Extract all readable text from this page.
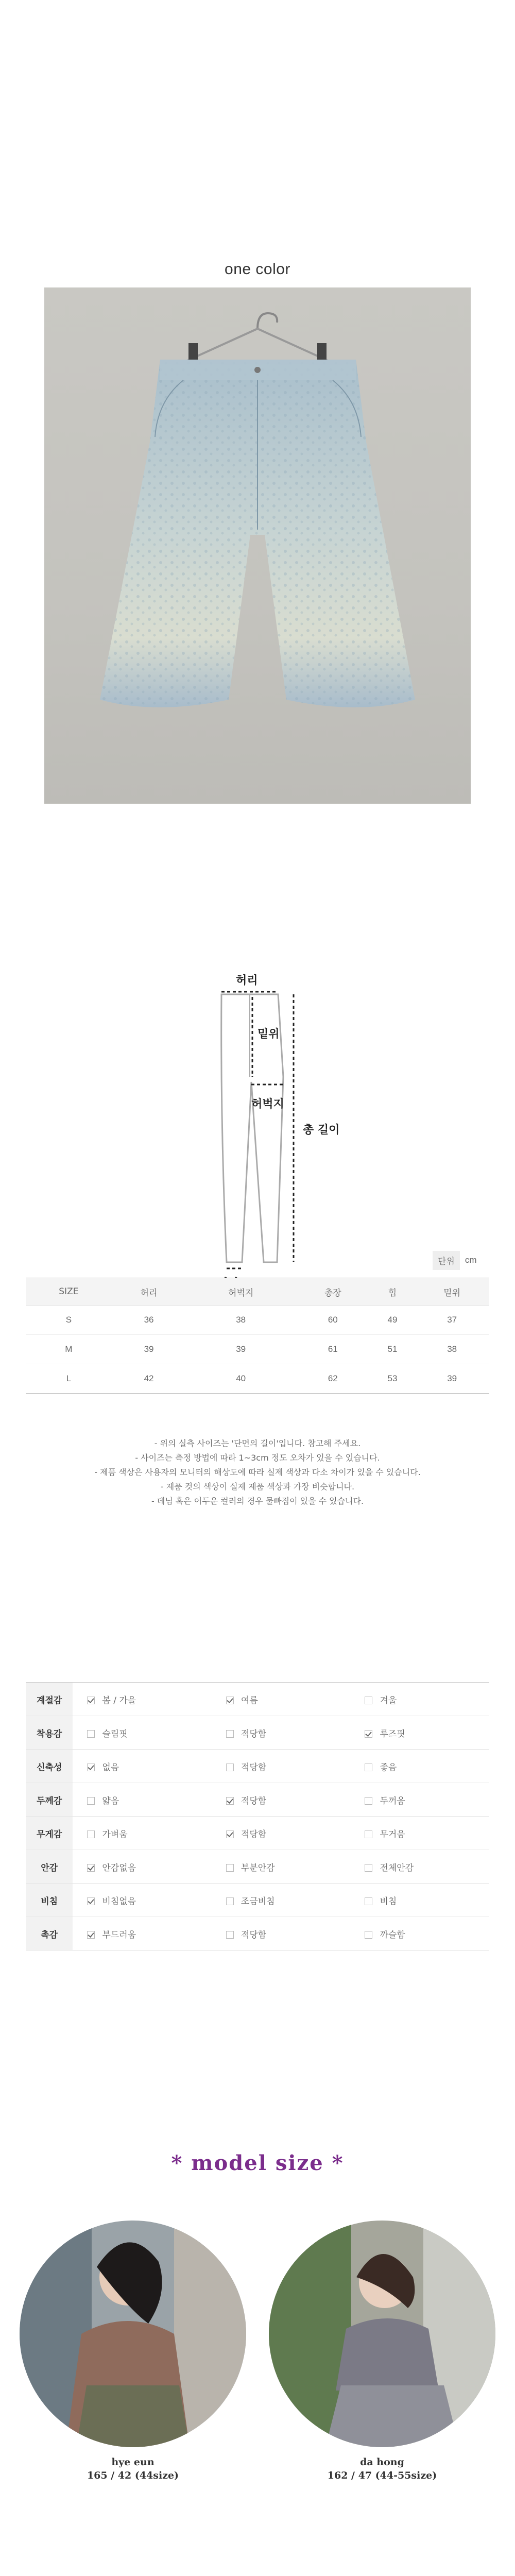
one color
허리
밑위
허벅지
총 길이
단위	cm
SIZE	허리	허벅지	총장	힙	밑위
S	36	38	60	49	37
M	39	39	61	51	38
L	42	40	62	53	39
- 위의 실측 사이즈는 '단면의 길이'입니다. 참고해 주세요.
- 사이즈는 측정 방법에 따라 1~3cm 정도 오차가 있을 수 있습니다.
- 제품 색상은 사용자의 모니터의 해상도에 따라 실제 색상과 다소 차이가 있을 수 있습니다.
- 제품 컷의 색상이 실제 제품 색상과 가장 비슷합니다.
- 데님 혹은 어두운 컬러의 경우 물빠짐이 있을 수 있습니다.
계절감	봄 / 가을	여름	겨울
착용감	슬림핏	적당함	루즈핏
신축성	없음	적당함	좋음
두께감	얇음	적당함	두꺼움
무게감	가벼움	적당함	무거움
안감	안감없음	부분안감	전체안감
비침	비침없음	조금비침	비침
촉감	부드러움	적당함	까슬함
* model size *
hye eun
165 / 42 (44size)
da hong
162 / 47 (44-55size)
